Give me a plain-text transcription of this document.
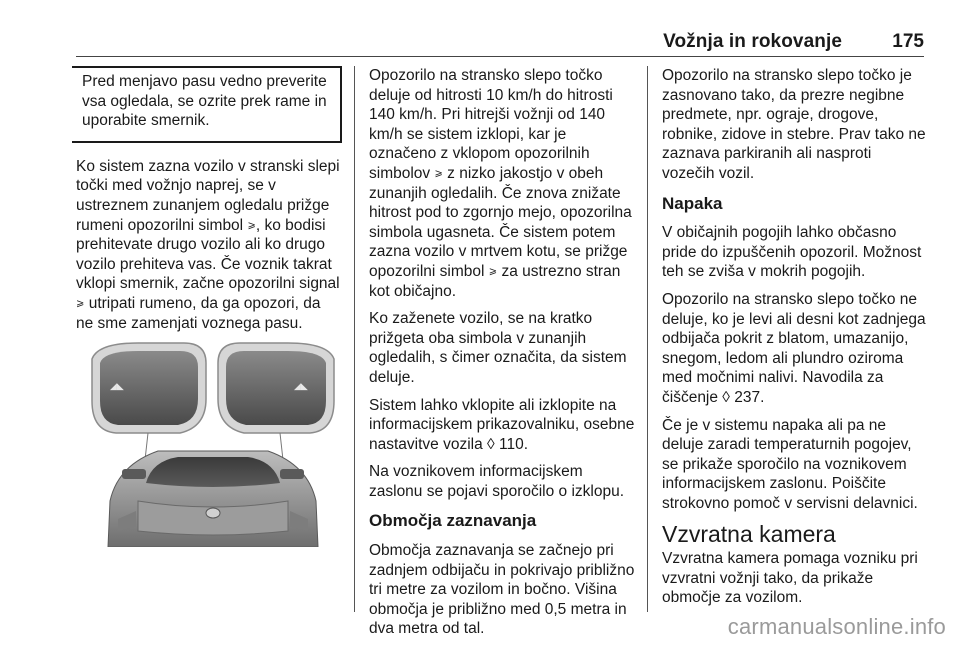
Vožnja in rokovanje	175

Pred menjavo pasu vedno preverite vsa ogledala, se ozrite prek rame in uporabite smernik.

Ko sistem zazna vozilo v stranski slepi točki med vožnjo naprej, se v ustreznem zunanjem ogledalu prižge rumeni opozorilni simbol ⩾, ko bodisi prehitevate drugo vozilo ali ko drugo vozilo prehiteva vas. Če voznik takrat vklopi smernik, začne opozorilni signal ⩾ utripati rumeno, da ga opozori, da ne sme zamenjati voznega pasu.

◢◣	◢◣

Opozorilo na stransko slepo točko deluje od hitrosti 10 km/h do hitrosti 140 km/h. Pri hitrejši vožnji od 140 km/h se sistem izklopi, kar je označeno z vklopom opozorilnih simbolov ⩾ z nizko jakostjo v obeh zunanjih ogledalih. Če znova znižate hitrost pod to zgornjo mejo, opozorilna simbola ugasneta. Če sistem potem zazna vozilo v mrtvem kotu, se prižge opozorilni simbol ⩾ za ustrezno stran kot običajno.

Ko zaženete vozilo, se na kratko prižgeta oba simbola v zunanjih ogledalih, s čimer označita, da sistem deluje.

Sistem lahko vklopite ali izklopite na informacijskem prikazovalniku, osebne nastavitve vozila ◊ 110.

Na voznikovem informacijskem zaslonu se pojavi sporočilo o izklopu.

Območja zaznavanja

Območja zaznavanja se začnejo pri zadnjem odbijaču in pokrivajo približno tri metre za vozilom in bočno. Višina območja je približno med 0,5 metra in dva metra od tal.

Opozorilo na stransko slepo točko je zasnovano tako, da prezre negibne predmete, npr. ograje, drogove, robnike, zidove in stebre. Prav tako ne zaznava parkiranih ali nasproti vozečih vozil.

Napaka

V običajnih pogojih lahko občasno pride do izpuščenih opozoril. Možnost teh se zviša v mokrih pogojih.

Opozorilo na stransko slepo točko ne deluje, ko je levi ali desni kot zadnjega odbijača pokrit z blatom, umazanijo, snegom, ledom ali plundro oziroma med močnimi nalivi. Navodila za čiščenje ◊ 237.

Če je v sistemu napaka ali pa ne deluje zaradi temperaturnih pogojev, se prikaže sporočilo na voznikovem informacijskem zaslonu. Poiščite strokovno pomoč v servisni delavnici.

Vzvratna kamera

Vzvratna kamera pomaga vozniku pri vzvratni vožnji tako, da prikaže območje za vozilom.

carmanualsonline.info
